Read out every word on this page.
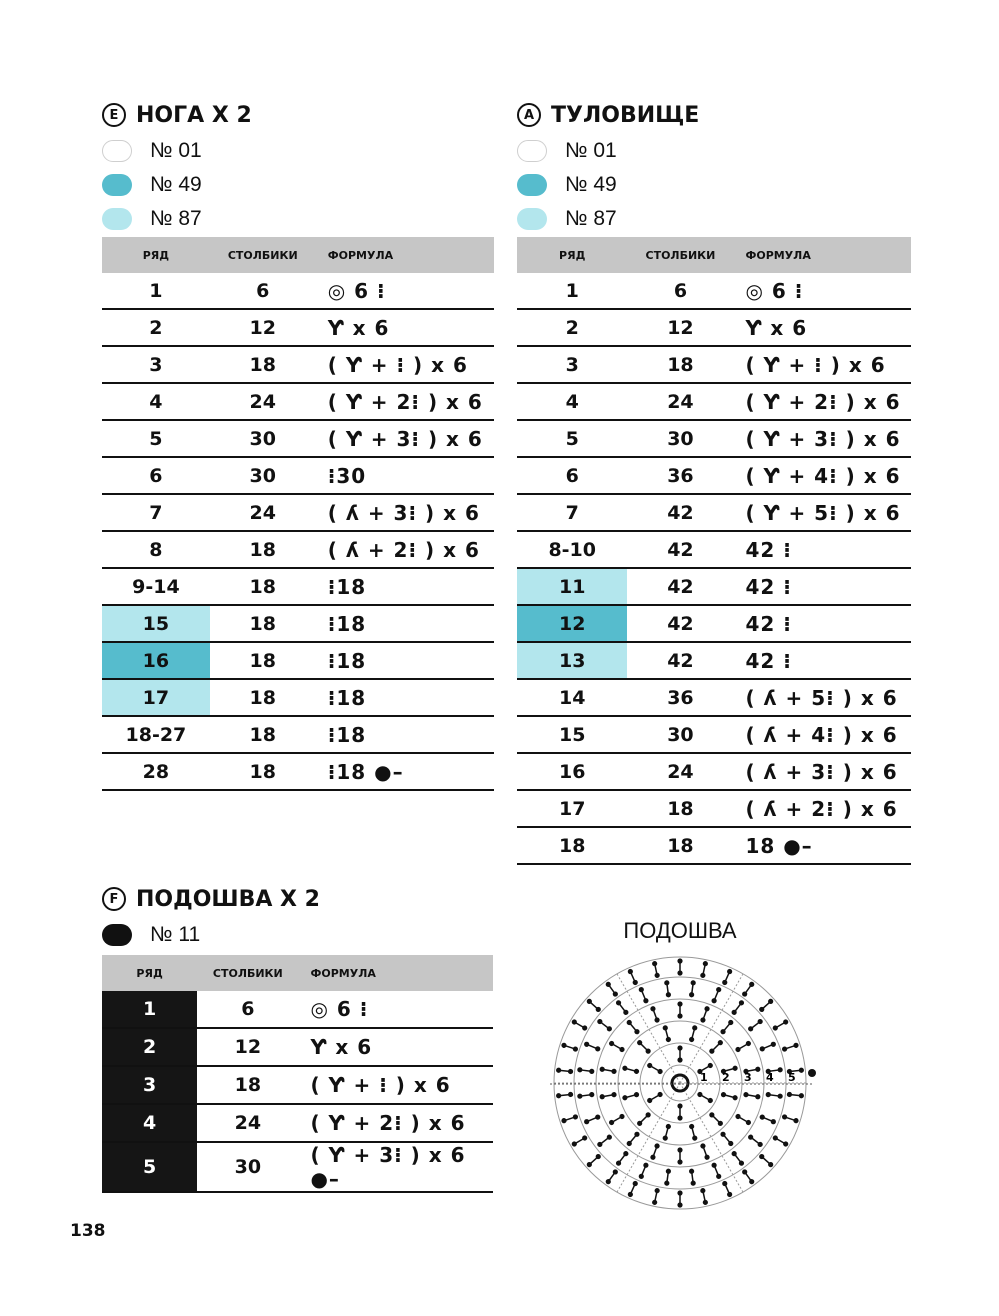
E НОГА X 2
№ 01
№ 49
№ 87
РЯД	СТОЛБИКИ	ФОРМУЛА
1	6	◎ 6 ⁝
2	12	Ƴ x 6
3	18	( Ƴ + ⁝ ) x 6
4	24	( Ƴ + 2⁝ ) x 6
5	30	( Ƴ + 3⁝ ) x 6
6	30	⁝30
7	24	( ʎ + 3⁝ ) x 6
8	18	( ʎ + 2⁝ ) x 6
9-14	18	⁝18
15	18	⁝18
16	18	⁝18
17	18	⁝18
18-27	18	⁝18
28	18	⁝18 ●–
A ТУЛОВИЩЕ
№ 01
№ 49
№ 87
РЯД	СТОЛБИКИ	ФОРМУЛА
1	6	◎ 6 ⁝
2	12	Ƴ x 6
3	18	( Ƴ + ⁝ ) x 6
4	24	( Ƴ + 2⁝ ) x 6
5	30	( Ƴ + 3⁝ ) x 6
6	36	( Ƴ + 4⁝ ) x 6
7	42	( Ƴ + 5⁝ ) x 6
8-10	42	42 ⁝
11	42	42 ⁝
12	42	42 ⁝
13	42	42 ⁝
14	36	( ʎ + 5⁝ ) x 6
15	30	( ʎ + 4⁝ ) x 6
16	24	( ʎ + 3⁝ ) x 6
17	18	( ʎ + 2⁝ ) x 6
18	18	18 ●–
F ПОДОШВА X 2
№ 11
РЯД	СТОЛБИКИ	ФОРМУЛА
1	6	◎ 6 ⁝
2	12	Ƴ x 6
3	18	( Ƴ + ⁝ ) x 6
4	24	( Ƴ + 2⁝ ) x 6
5	30	( Ƴ + 3⁝ ) x 6 ●–
ПОДОШВА
1 2 3 4 5
138
